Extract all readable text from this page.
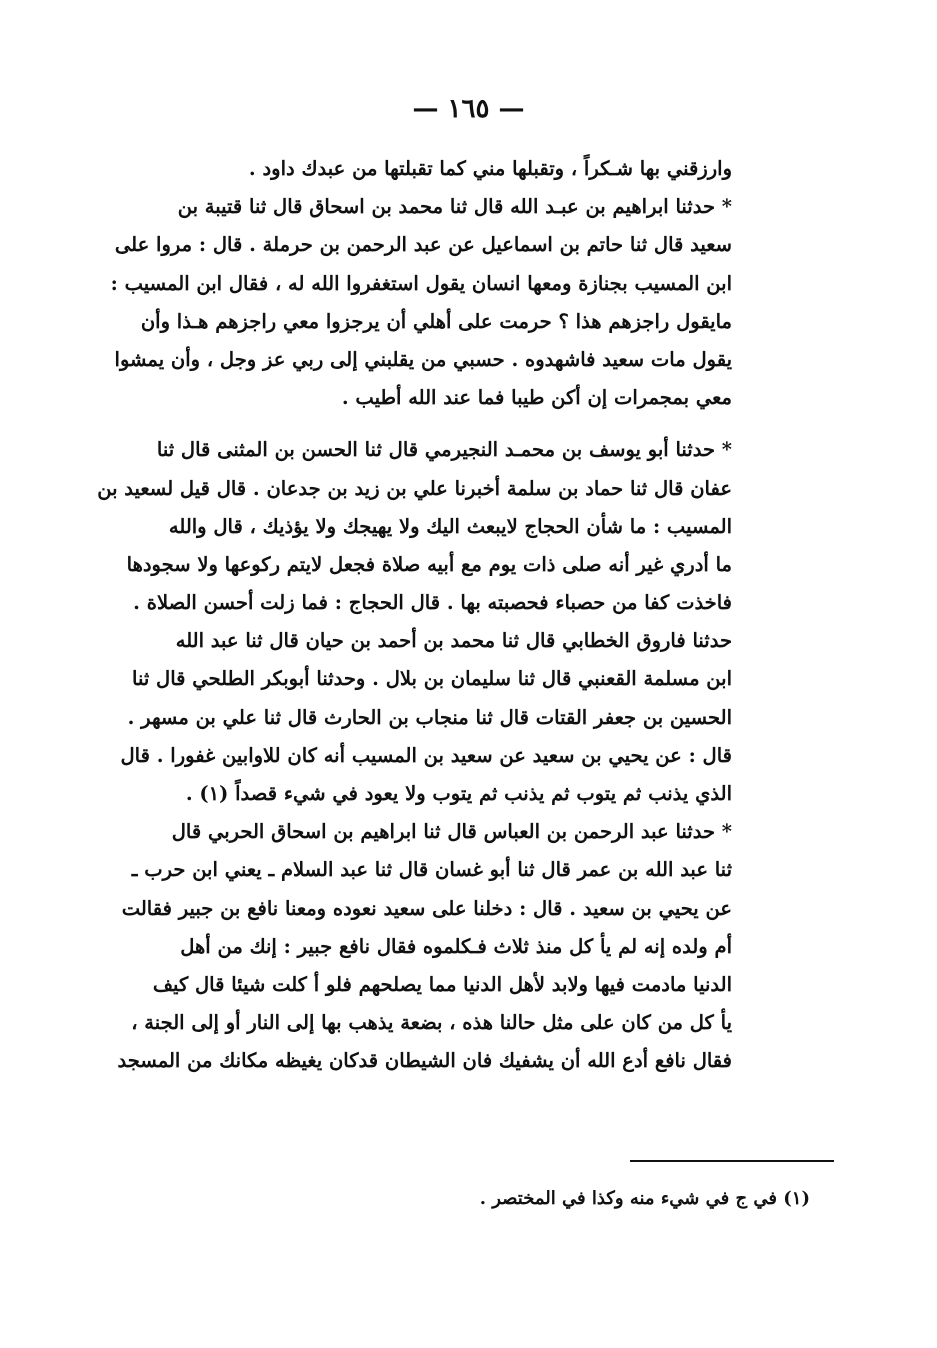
— ١٦٥ —
وارزقني بها شـكراً ، وتقبلها مني كما تقبلتها من عبدك داود .
* حدثنا ابراهيم بن عبـد الله قال ثنا محمد بن اسحاق قال ثنا قتيبة بن
سعيد قال ثنا حاتم بن اسماعيل عن عبد الرحمن بن حرملة . قال : مروا على
ابن المسيب بجنازة ومعها انسان يقول استغفروا الله له ، فقال ابن المسيب :
مايقول راجزهم هذا ؟ حرمت على أهلي أن يرجزوا معي راجزهم هـذا وأن
يقول مات سعيد فاشهدوه . حسبي من يقلبني إلى ربي عز وجل ، وأن يمشوا
معي بمجمرات إن أكن طيبا فما عند الله أطيب .
* حدثنا أبو يوسف بن محمـد النجيرمي قال ثنا الحسن بن المثنى قال ثنا
عفان قال ثنا حماد بن سلمة أخبرنا علي بن زيد بن جدعان . قال قيل لسعيد بن
المسيب : ما شأن الحجاج لايبعث اليك ولا يهيجك ولا يؤذيك ، قال والله
ما أدري غير أنه صلى ذات يوم مع أبيه صلاة فجعل لايتم ركوعها ولا سجودها
فاخذت كفا من حصباء فحصبته بها . قال الحجاج : فما زلت أحسن الصلاة .
حدثنا فاروق الخطابي قال ثنا محمد بن أحمد بن حيان قال ثنا عبد الله
ابن مسلمة القعنبي قال ثنا سليمان بن بلال . وحدثنا أبوبكر الطلحي قال ثنا
الحسين بن جعفر القتات قال ثنا منجاب بن الحارث قال ثنا علي بن مسهر .
قال : عن يحيي بن سعيد عن سعيد بن المسيب أنه كان للاوابين غفورا . قال
الذي يذنب ثم يتوب ثم يذنب ثم يتوب ولا يعود في شيء قصداً (١) .
* حدثنا عبد الرحمن بن العباس قال ثنا ابراهيم بن اسحاق الحربي قال
ثنا عبد الله بن عمر قال ثنا أبو غسان قال ثنا عبد السلام ـ يعني ابن حرب ـ
عن يحيي بن سعيد . قال : دخلنا على سعيد نعوده ومعنا نافع بن جبير فقالت
أم ولده إنه لم يأ كل منذ ثلاث فـكلموه فقال نافع جبير : إنك من أهل
الدنيا مادمت فيها ولابد لأهل الدنيا مما يصلحهم فلو أ كلت شيئا قال كيف
يأ كل من كان على مثل حالنا هذه ، بضعة يذهب بها إلى النار أو إلى الجنة ،
فقال نافع أدع الله أن يشفيك فان الشيطان قدكان يغيظه مكانك من المسجد
(١) في ج في شيء منه وكذا في المختصر .
